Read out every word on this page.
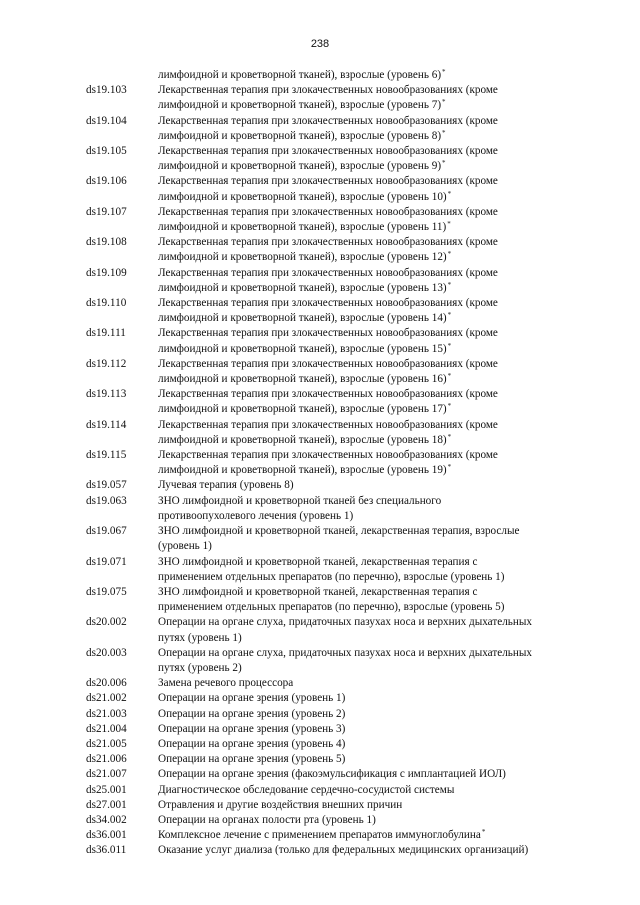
238
лимфоидной и кроветворной тканей), взрослые (уровень 6)*
ds19.103	Лекарственная терапия при злокачественных новообразованиях (кроме
лимфоидной и кроветворной тканей), взрослые (уровень 7)*
ds19.104	Лекарственная терапия при злокачественных новообразованиях (кроме
лимфоидной и кроветворной тканей), взрослые (уровень 8)*
ds19.105	Лекарственная терапия при злокачественных новообразованиях (кроме
лимфоидной и кроветворной тканей), взрослые (уровень 9)*
ds19.106	Лекарственная терапия при злокачественных новообразованиях (кроме
лимфоидной и кроветворной тканей), взрослые (уровень 10)*
ds19.107	Лекарственная терапия при злокачественных новообразованиях (кроме
лимфоидной и кроветворной тканей), взрослые (уровень 11)*
ds19.108	Лекарственная терапия при злокачественных новообразованиях (кроме
лимфоидной и кроветворной тканей), взрослые (уровень 12)*
ds19.109	Лекарственная терапия при злокачественных новообразованиях (кроме
лимфоидной и кроветворной тканей), взрослые (уровень 13)*
ds19.110	Лекарственная терапия при злокачественных новообразованиях (кроме
лимфоидной и кроветворной тканей), взрослые (уровень 14)*
ds19.111	Лекарственная терапия при злокачественных новообразованиях (кроме
лимфоидной и кроветворной тканей), взрослые (уровень 15)*
ds19.112	Лекарственная терапия при злокачественных новообразованиях (кроме
лимфоидной и кроветворной тканей), взрослые (уровень 16)*
ds19.113	Лекарственная терапия при злокачественных новообразованиях (кроме
лимфоидной и кроветворной тканей), взрослые (уровень 17)*
ds19.114	Лекарственная терапия при злокачественных новообразованиях (кроме
лимфоидной и кроветворной тканей), взрослые (уровень 18)*
ds19.115	Лекарственная терапия при злокачественных новообразованиях (кроме
лимфоидной и кроветворной тканей), взрослые (уровень 19)*
ds19.057	Лучевая терапия (уровень 8)
ds19.063	ЗНО лимфоидной и кроветворной тканей без специального
противоопухолевого лечения (уровень 1)
ds19.067	ЗНО лимфоидной и кроветворной тканей, лекарственная терапия, взрослые
(уровень 1)
ds19.071	ЗНО лимфоидной и кроветворной тканей, лекарственная терапия с
применением отдельных препаратов (по перечню), взрослые (уровень 1)
ds19.075	ЗНО лимфоидной и кроветворной тканей, лекарственная терапия с
применением отдельных препаратов (по перечню), взрослые (уровень 5)
ds20.002	Операции на органе слуха, придаточных пазухах носа и верхних дыхательных
путях (уровень 1)
ds20.003	Операции на органе слуха, придаточных пазухах носа и верхних дыхательных
путях (уровень 2)
ds20.006	Замена речевого процессора
ds21.002	Операции на органе зрения (уровень 1)
ds21.003	Операции на органе зрения (уровень 2)
ds21.004	Операции на органе зрения (уровень 3)
ds21.005	Операции на органе зрения (уровень 4)
ds21.006	Операции на органе зрения (уровень 5)
ds21.007	Операции на органе зрения (факоэмульсификация с имплантацией ИОЛ)
ds25.001	Диагностическое обследование сердечно-сосудистой системы
ds27.001	Отравления и другие воздействия внешних причин
ds34.002	Операции на органах полости рта (уровень 1)
ds36.001	Комплексное лечение с применением препаратов иммуноглобулина*
ds36.011	Оказание услуг диализа (только для федеральных медицинских организаций)
